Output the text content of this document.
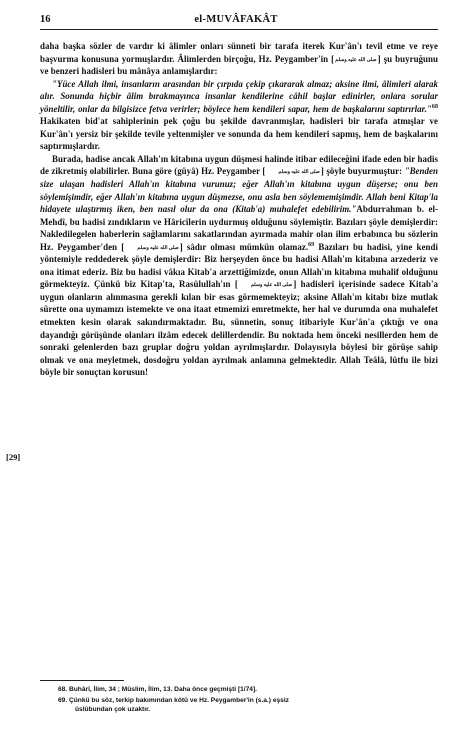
16	el-MUVÂFAKÂT
[29]

daha başka sözler de vardır ki âlimler onları sünneti bir tarafa iterek Kur'ân'ı tevil etme ve reye başvurma konusuna yormuşlardır. Âlimlerden birçoğu, Hz. Peygamber'in [صلى الله عليه وسلم] şu buyruğunu ve benzeri hadisleri bu mânâya anlamışlardır:

"Yüce Allah ilmi, insanların arasından bir çırpıda çekip çıkararak almaz; aksine ilmi, âlimleri alarak alır. Sonunda hiçbir âlim bırakmayınca insanlar kendilerine câhil başlar edinirler, onlara sorular yöneltilir, onlar da bilgisizce fetva verirler; böylece hem kendileri sapar, hem de başkalarını saptırırlar."$^{68}$ Hakikaten bid'at sahiplerinin pek çoğu bu şekilde davranmışlar, hadisleri bir tarafa atmışlar ve Kur'ân'ı yersiz bir şekilde tevile yeltenmişler ve sonunda da hem kendileri sapmış, hem de başkalarını saptırmışlardır.

Burada, hadise ancak Allah'ın kitabına uygun düşmesi halinde itibar edileceğini ifade eden bir hadis de zikretmiş olabilirler. Buna göre (güyâ) Hz. Peygamber [	صلى الله عليه وسلم] şöyle buyurmuştur: "Benden size ulaşan hadisleri Allah'ın kitabına vurunuz; eğer Allah'ın kitabına uygun düşerse; onu ben söylemişimdir, eğer Allah'ın kitabına uygun düşmezse, onu asla ben söylememişimdir. Allah beni Kitap'la hidayete ulaştırmış iken, ben nasıl olur da ona (Kitab'a) muhalefet edebilirim." Abdurrahman b. el-Mehdî, bu hadisi zındıkların ve Hâricîlerin uydurmuş olduğunu söylemiştir. Bazıları şöyle demişlerdir: Nakledilegelen haberlerin sağlamlarını sakatlarından ayırmada mahir olan ilim erbabınca bu sözlerin Hz. Peygamber'den [	صلى الله عليه وسلم] sâdır olması mümkün olamaz.$^{69}$ Bazıları bu hadisi, yine kendi yöntemiyle reddederek şöyle demişlerdir: Biz herşeyden önce bu hadisi Allah'ın kitabına arzederiz ve ona itimat ederiz. Biz bu hadisi vâkıa Kitab'a arzettiğimizde, onun Allah'ın kitabına muhalif olduğunu görmekteyiz. Çünkü biz Kitap'ta, Rasûlullah'ın [	صلى الله عليه وسلم] hadisleri içerisinde sadece Kitab'a uygun olanların alınmasına gerekli kılan bir esas görmemekteyiz; aksine Allah'ın kitabı bize mutlak sûrette ona uymamızı istemekte ve ona itaat etmemizi emretmekte, her hal ve durumda ona muhalefet etmekten kesin olarak sakındırmaktadır. Bu, sünnetin, sonuç itibariyle Kur'ân'a çıktığı ve ona dayandığı görüşünde olanları ilzâm edecek delillerdendir. Bu noktada hem önceki nesillerden hem de sonraki gelenlerden bazı gruplar doğru yoldan ayrılmışlardır. Dolayısıyla böylesi bir görüşe sahip olmak ve ona meyletmek, dosdoğru yoldan ayrılmak anlamına gelmektedir. Allah Teâlâ, lütfu ile bizi böyle bir sonuçtan korusun!

68. Buhârî, İlim, 34 ; Müslim, İlim, 13. Daha önce geçmişti [1/74].

69. Çünkü bu söz, terkip bakımından kötü ve Hz. Peygamber'in (s.a.) eşsiz
üslûbundan çok uzaktır.
